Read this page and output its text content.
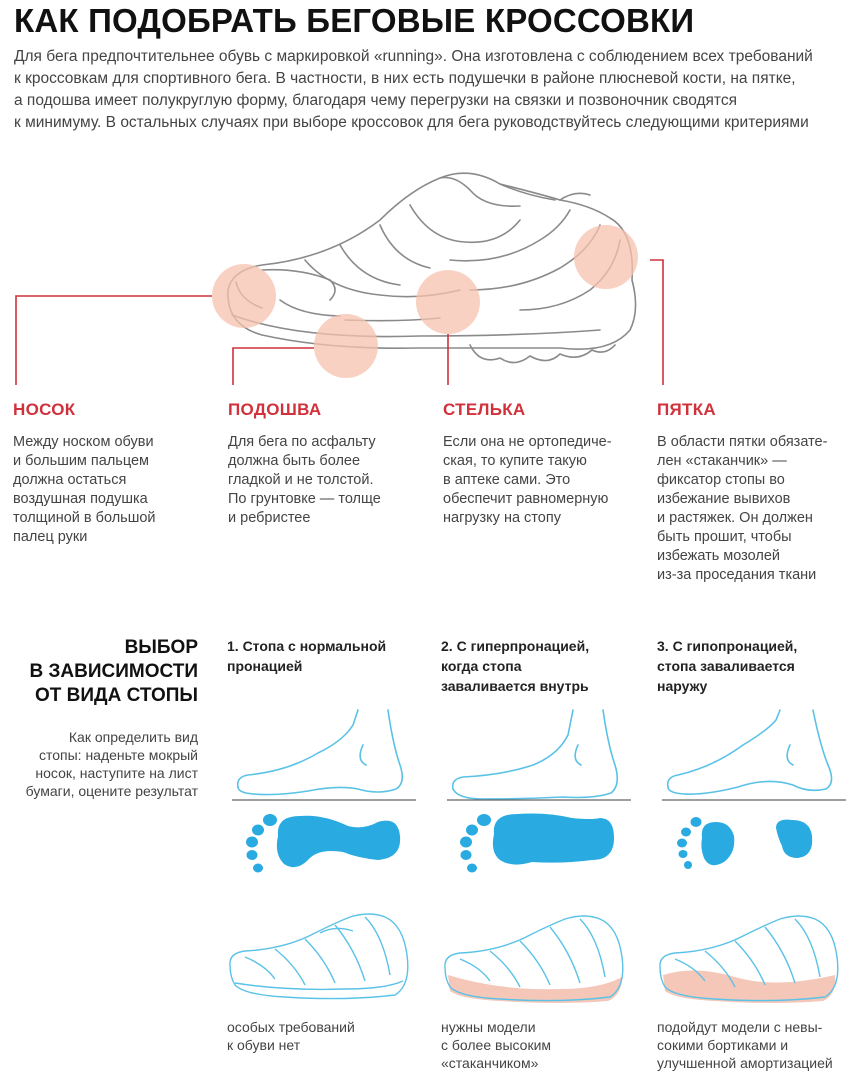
КАК ПОДОБРАТЬ БЕГОВЫЕ КРОССОВКИ
Для бега предпочтительнее обувь с маркировкой «running». Она изготовлена с соблюдением всех требований
к кроссовкам для спортивного бега. В частности, в них есть подушечки в районе плюсневой кости, на пятке,
а подошва имеет полукруглую форму, благодаря чему перегрузки на связки и позвоночник сводятся
к минимуму. В остальных случаях при выборе кроссовок для бега руководствуйтесь следующими критериями
НОСОК
Между носком обуви
и большим пальцем
должна остаться
воздушная подушка
толщиной в большой
палец руки
ПОДОШВА
Для бега по асфальту
должна быть более
гладкой и не толстой.
По грунтовке — толще
и ребристее
СТЕЛЬКА
Если она не ортопедиче-
ская, то купите такую
в аптеке сами. Это
обеспечит равномерную
нагрузку на стопу
ПЯТКА
В области пятки обязате-
лен «стаканчик» —
фиксатор стопы во
избежание вывихов
и растяжек. Он должен
быть прошит, чтобы
избежать мозолей
из-за проседания ткани
ВЫБОР
В ЗАВИСИМОСТИ
ОТ ВИДА СТОПЫ
Как определить вид
стопы: наденьте мокрый
носок, наступите на лист
бумаги, оцените результат
1. Стопа с нормальной
пронацией
2. С гиперпронацией,
когда стопа
заваливается внутрь
3. С гипопронацией,
стопа заваливается
наружу
особых требований
к обуви нет
нужны модели
с более высоким
«стаканчиком»
подойдут модели с невы-
сокими бортиками и
улучшенной амортизацией
